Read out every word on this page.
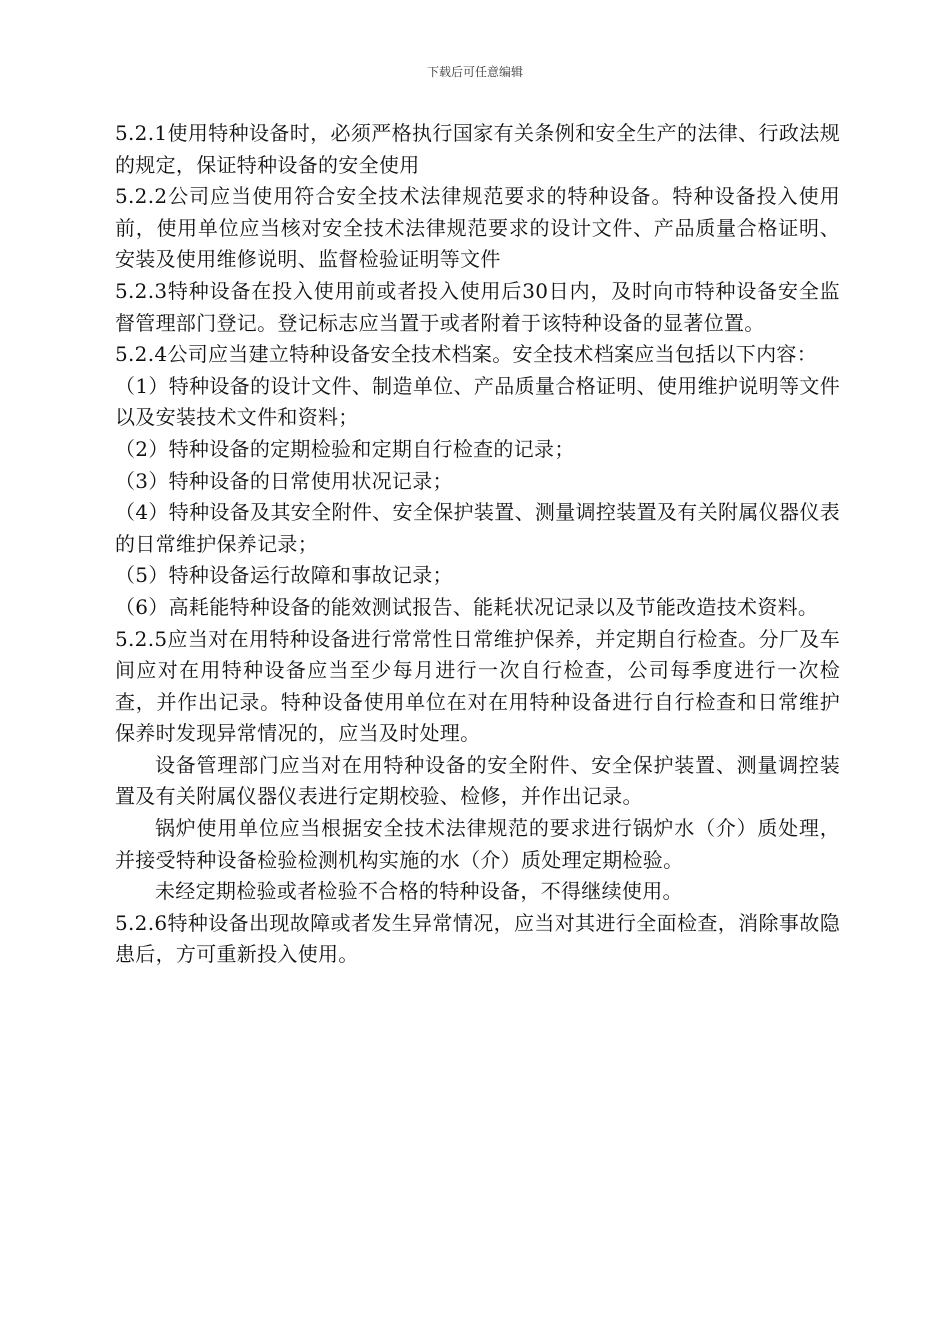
下载后可任意编辑

5.2.1使用特种设备时，必须严格执行国家有关条例和安全生产的法律、行政法规的规定，保证特种设备的安全使用

5.2.2公司应当使用符合安全技术法律规范要求的特种设备。特种设备投入使用前，使用单位应当核对安全技术法律规范要求的设计文件、产品质量合格证明、安装及使用维修说明、监督检验证明等文件

5.2.3特种设备在投入使用前或者投入使用后30日内，及时向市特种设备安全监督管理部门登记。登记标志应当置于或者附着于该特种设备的显著位置。

5.2.4公司应当建立特种设备安全技术档案。安全技术档案应当包括以下内容：

（1）特种设备的设计文件、制造单位、产品质量合格证明、使用维护说明等文件以及安装技术文件和资料；

（2）特种设备的定期检验和定期自行检查的记录；

（3）特种设备的日常使用状况记录；

（4）特种设备及其安全附件、安全保护装置、测量调控装置及有关附属仪器仪表的日常维护保养记录；

（5）特种设备运行故障和事故记录；

（6）高耗能特种设备的能效测试报告、能耗状况记录以及节能改造技术资料。

5.2.5应当对在用特种设备进行常常性日常维护保养，并定期自行检查。分厂及车间应对在用特种设备应当至少每月进行一次自行检查，公司每季度进行一次检查，并作出记录。特种设备使用单位在对在用特种设备进行自行检查和日常维护保养时发现异常情况的，应当及时处理。

设备管理部门应当对在用特种设备的安全附件、安全保护装置、测量调控装置及有关附属仪器仪表进行定期校验、检修，并作出记录。

锅炉使用单位应当根据安全技术法律规范的要求进行锅炉水（介）质处理，并接受特种设备检验检测机构实施的水（介）质处理定期检验。

未经定期检验或者检验不合格的特种设备，不得继续使用。

5.2.6特种设备出现故障或者发生异常情况，应当对其进行全面检查，消除事故隐患后，方可重新投入使用。
